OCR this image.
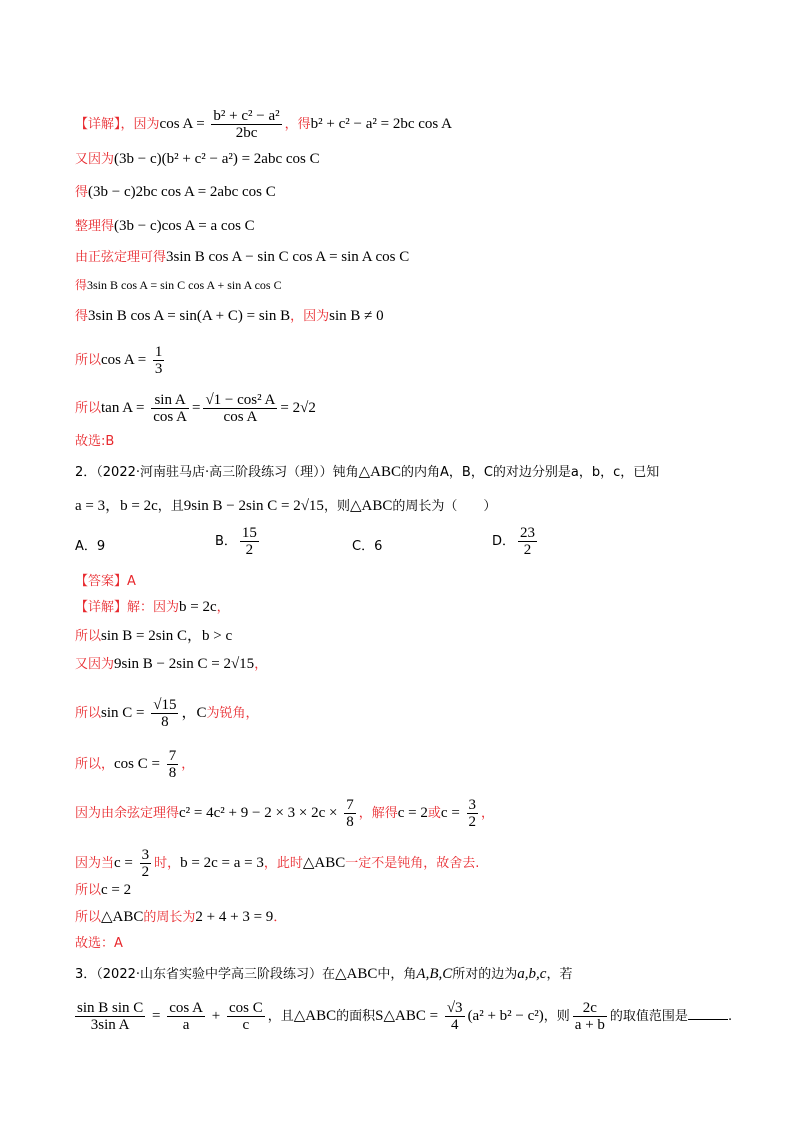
【详解】，因为$\cos A = \frac{\text{b² + c² − a²}}{2bc}$ ，得b² + c² − a² = 2bc cos A
又因为(3b − c)(b² + c² − a²) = 2abc cos C
得(3b − c)2bc cos A = 2abc cos C
整理得(3b − c)cos A = a cos C
由正弦定理可得3sin B cos A − sin C cos A = sin A cos C
得3sin B cos A = sin C cos A + sin A cos C
得3sin B cos A = sin(A + C) = sin B，因为sin B ≠ 0
所以$\cos A = \frac{1}{3}$
所以$\tan A = \frac{\text{sin A}}{\text{cos A}} = \frac{\text{√1 − cos² A}}{\text{cos A}} = 2√2$
故选:B
2．（2022·河南驻马店·高三阶段练习（理））钝角△ABC的内角A，B，C的对边分别是a，b，c，已知
a = 3，b = 2c，且9sin B − 2sin C = 2√15，则△ABC的周长为（　　）
A．9	B． $\frac{15}{2}$	C．6	D． $\frac{23}{2}$
【答案】A
【详解】解：因为b = 2c，
所以sin B = 2sin C，b > c
又因为9sin B − 2sin C = 2√15，
所以$\sin C = \frac{√15}{8}$ ，C为锐角，
所以，$\cos C = \frac{7}{8}$ ，
因为由余弦定理得$c^2 = 4c^2 + 9 - 2 \times 3 \times 2c \times \frac{7}{8}$ ，解得c = 2或$c = \frac{3}{2}$ ，
因为当$c = \frac{3}{2}$ 时，b = 2c = a = 3，此时△ABC一定不是钝角，故舍去.
所以c = 2
所以△ABC的周长为2 + 4 + 3 = 9．
故选：A
3．（2022·山东省实验中学高三阶段练习）在△ABC中，角A,B,C所对的边为a,b,c，若
$\frac{\text{sin B sin C}}{\text{3sin A}} = \frac{\text{cos A}}{a} + \frac{\text{cos C}}{c}$ ，且△ABC的面积S△ABC = $\frac{√3}{4} (a^2 + b^2 - c^2)$，则 $\frac{2c}{a + b}$ 的取值范围是	.
